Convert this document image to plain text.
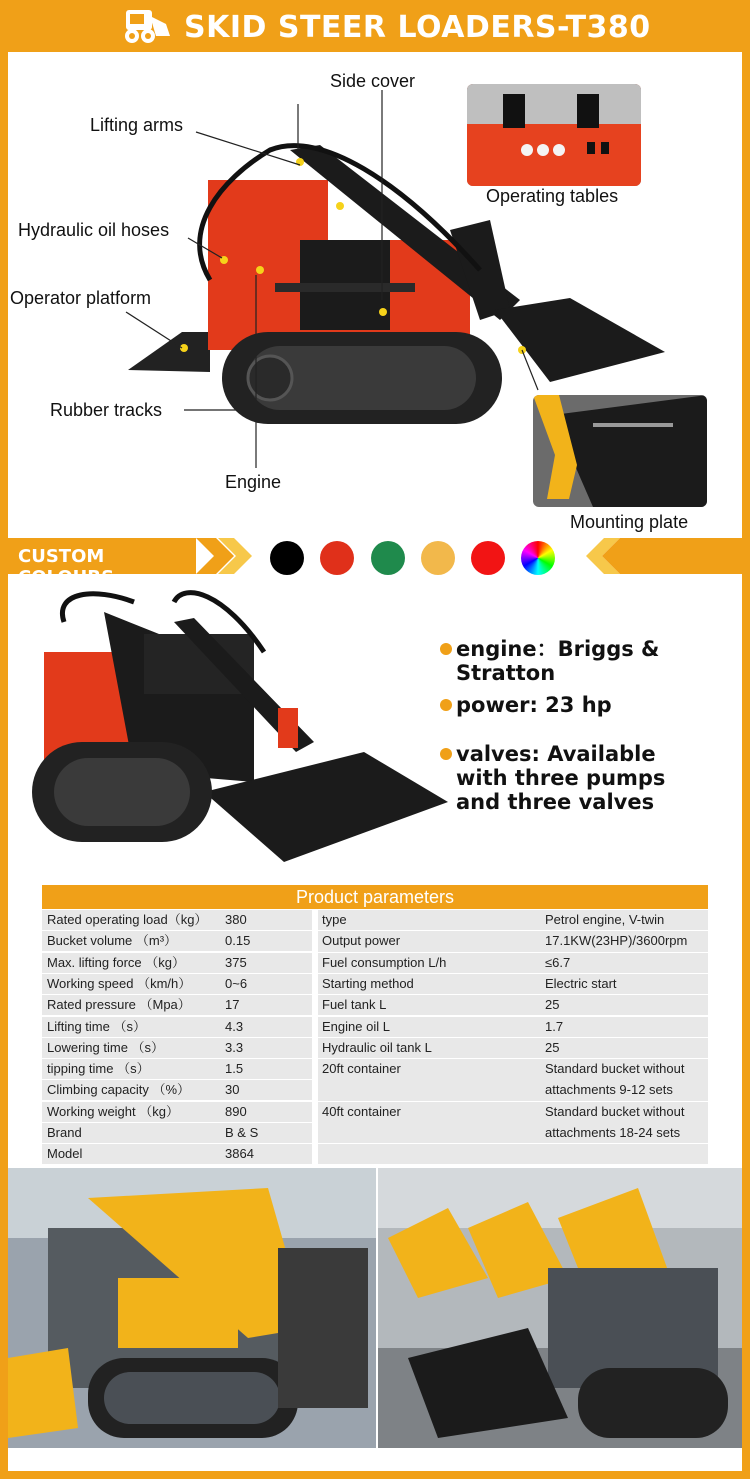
SKID STEER LOADERS-T380
Side cover
Lifting arms
Hydraulic oil hoses
Operator platform
Rubber tracks
Engine
Operating tables
Mounting plate
CUSTOM COLOURS
engine：Briggs & Stratton
power: 23 hp
valves: Available with three pumps and three valves
Product parameters
Rated operating load（kg） 380
Bucket volume （m³）	0.15
Max. lifting force （kg）	375
Working speed （km/h）	0~6
Rated pressure （Mpa）	17
Lifting time （s）	4.3
Lowering time （s）	3.3
tipping time （s）	1.5
Climbing capacity （%）	30
Working weight （kg）	890
Brand	B & S
Model	3864
type	Petrol engine, V-twin
Output power	17.1KW(23HP)/3600rpm
Fuel consumption L/h	≤6.7
Starting method	Electric start
Fuel tank L	25
Engine oil L	1.7
Hydraulic oil tank L	25
20ft container	Standard bucket without
attachments 9-12 sets
40ft container	Standard bucket without
attachments 18-24 sets
